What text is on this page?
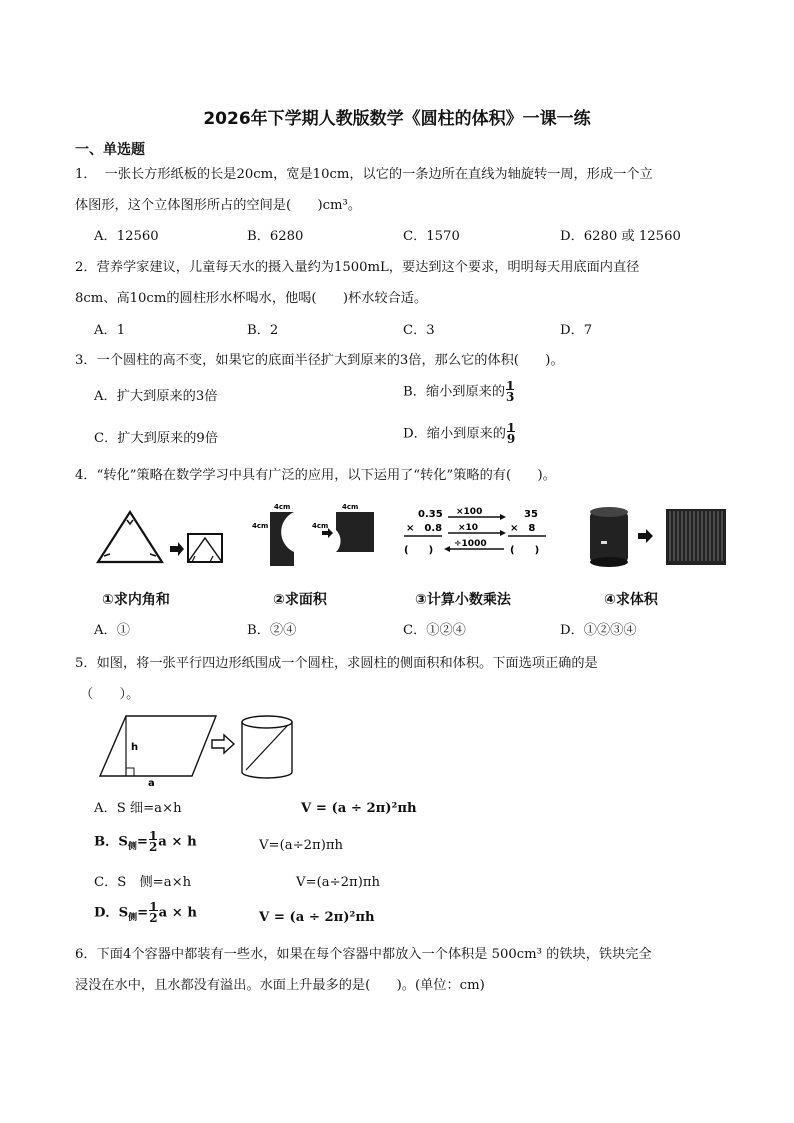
2026年下学期人教版数学《圆柱的体积》一课一练
一、单选题
1． 一张长方形纸板的长是20cm，宽是10cm，以它的一条边所在直线为轴旋转一周，形成一个立
体图形，这个立体图形所占的空间是(　　)cm³。
A．12560	B．6280	C．1570	D．6280 或 12560
2．营养学家建议，儿童每天水的摄入量约为1500mL，要达到这个要求，明明每天用底面内直径
8cm、高10cm的圆柱形水杯喝水，他喝(　　)杯水较合适。
A．1	B．2	C．3	D．7
3．一个圆柱的高不变，如果它的底面半径扩大到原来的3倍，那么它的体积(　　)。
A．扩大到原来的3倍	B．缩小到原来的1
3
C．扩大到原来的9倍	D．缩小到原来的1
9
4．“转化”策略在数学学习中具有广泛的应用，以下运用了“转化”策略的有(　　)。
4cm
4cm	4cm
4cm
0.35
×　0.8
(　　)
×100
×10
÷1000
35
×　8
(　　)
①求内角和	②求面积	③计算小数乘法	④求体积
A．①	B．②④	C．①②④	D．①②③④
5．如图，将一张平行四边形纸围成一个圆柱，求圆柱的侧面积和体积。下面选项正确的是
（　　）。
h
a
A．S 细=a×h	V = (a ÷ 2π)²πh
B．$S_侧=1$
2a × h	V=(a÷2π)πh
C．S　侧=a×h	V=(a÷2π)πh
D．$S_侧=1$
2a × h	V = (a ÷ 2π)²πh
6．下面4个容器中都装有一些水，如果在每个容器中都放入一个体积是 500cm³ 的铁块，铁块完全
浸没在水中，且水都没有溢出。水面上升最多的是(　　)。(单位：cm)
